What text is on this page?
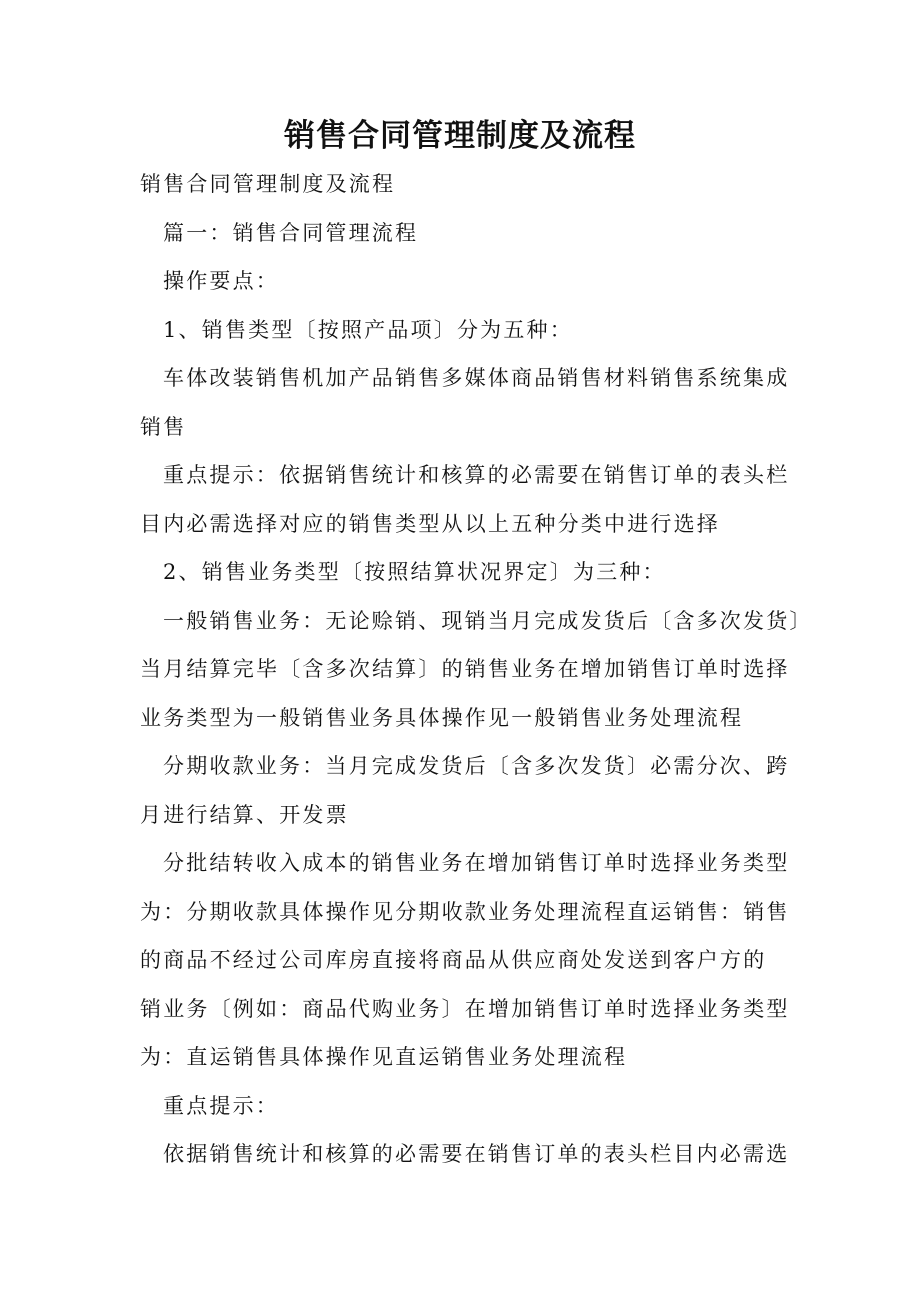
销售合同管理制度及流程
销售合同管理制度及流程
篇一：销售合同管理流程
操作要点：
1、销售类型〔按照产品项〕分为五种：
车体改装销售机加产品销售多媒体商品销售材料销售系统集成
销售
重点提示：依据销售统计和核算的必需要在销售订单的表头栏
目内必需选择对应的销售类型从以上五种分类中进行选择
2、销售业务类型〔按照结算状况界定〕为三种：
一般销售业务：无论赊销、现销当月完成发货后〔含多次发货〕
当月结算完毕〔含多次结算〕的销售业务在增加销售订单时选择
业务类型为一般销售业务具体操作见一般销售业务处理流程
分期收款业务：当月完成发货后〔含多次发货〕必需分次、跨
月进行结算、开发票
分批结转收入成本的销售业务在增加销售订单时选择业务类型
为：分期收款具体操作见分期收款业务处理流程直运销售：销售
的商品不经过公司库房直接将商品从供应商处发送到客户方的
销业务〔例如：商品代购业务〕在增加销售订单时选择业务类型
为：直运销售具体操作见直运销售业务处理流程
重点提示：
依据销售统计和核算的必需要在销售订单的表头栏目内必需选
